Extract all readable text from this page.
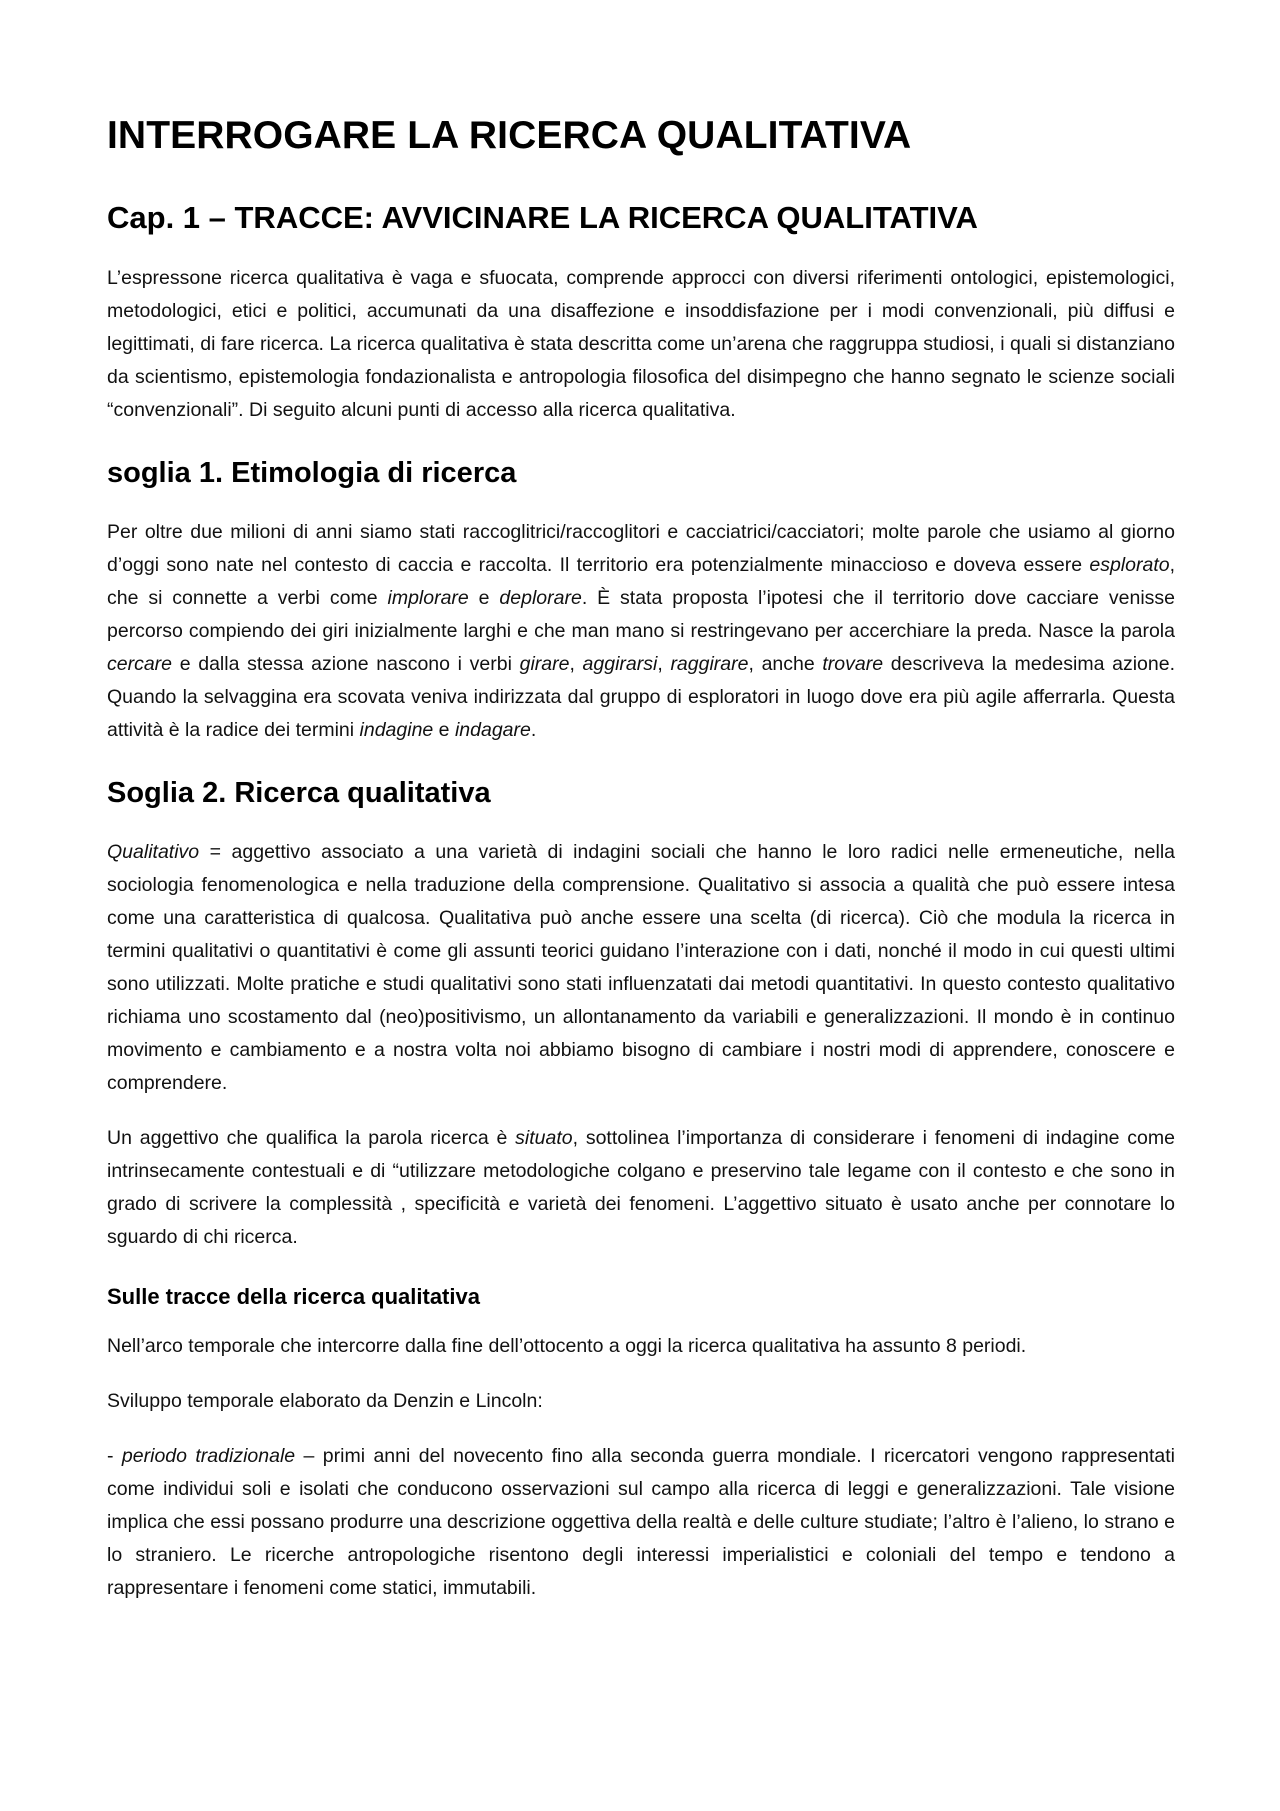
INTERROGARE LA RICERCA QUALITATIVA
Cap. 1 – TRACCE: AVVICINARE LA RICERCA QUALITATIVA

L’espressone ricerca qualitativa è vaga e sfuocata, comprende approcci con diversi riferimenti ontologici, epistemologici, metodologici, etici e politici, accumunati da una disaffezione e insoddisfazione per i modi convenzionali, più diffusi e legittimati, di fare ricerca. La ricerca qualitativa è stata descritta come un’arena che raggruppa studiosi, i quali si distanziano da scientismo, epistemologia fondazionalista e antropologia filosofica del disimpegno che hanno segnato le scienze sociali “convenzionali”. Di seguito alcuni punti di accesso alla ricerca qualitativa.

soglia 1. Etimologia di ricerca

Per oltre due milioni di anni siamo stati raccoglitrici/raccoglitori e cacciatrici/cacciatori; molte parole che usiamo al giorno d’oggi sono nate nel contesto di caccia e raccolta. Il territorio era potenzialmente minaccioso e doveva essere esplorato, che si connette a verbi come implorare e deplorare. È stata proposta l’ipotesi che il territorio dove cacciare venisse percorso compiendo dei giri inizialmente larghi e che man mano si restringevano per accerchiare la preda. Nasce la parola cercare e dalla stessa azione nascono i verbi girare, aggirarsi, raggirare, anche trovare descriveva la medesima azione. Quando la selvaggina era scovata veniva indirizzata dal gruppo di esploratori in luogo dove era più agile afferrarla. Questa attività è la radice dei termini indagine e indagare.

Soglia 2. Ricerca qualitativa

Qualitativo = aggettivo associato a una varietà di indagini sociali che hanno le loro radici nelle ermeneutiche, nella sociologia fenomenologica e nella traduzione della comprensione. Qualitativo si associa a qualità che può essere intesa come una caratteristica di qualcosa. Qualitativa può anche essere una scelta (di ricerca). Ciò che modula la ricerca in termini qualitativi o quantitativi è come gli assunti teorici guidano l’interazione con i dati, nonché il modo in cui questi ultimi sono utilizzati. Molte pratiche e studi qualitativi sono stati influenzatati dai metodi quantitativi. In questo contesto qualitativo richiama uno scostamento dal (neo)positivismo, un allontanamento da variabili e generalizzazioni. Il mondo è in continuo movimento e cambiamento e a nostra volta noi abbiamo bisogno di cambiare i nostri modi di apprendere, conoscere e comprendere.

Un aggettivo che qualifica la parola ricerca è situato, sottolinea l’importanza di considerare i fenomeni di indagine come intrinsecamente contestuali e di “utilizzare metodologiche colgano e preservino tale legame con il contesto e che sono in grado di scrivere la complessità , specificità e varietà dei fenomeni. L’aggettivo situato è usato anche per connotare lo sguardo di chi ricerca.

Sulle tracce della ricerca qualitativa

Nell’arco temporale che intercorre dalla fine dell’ottocento a oggi la ricerca qualitativa ha assunto 8 periodi.

Sviluppo temporale elaborato da Denzin e Lincoln:

- periodo tradizionale – primi anni del novecento fino alla seconda guerra mondiale. I ricercatori vengono rappresentati come individui soli e isolati che conducono osservazioni sul campo alla ricerca di leggi e generalizzazioni. Tale visione implica che essi possano produrre una descrizione oggettiva della realtà e delle culture studiate; l’altro è l’alieno, lo strano e lo straniero. Le ricerche antropologiche risentono degli interessi imperialistici e coloniali del tempo e tendono a rappresentare i fenomeni come statici, immutabili.
